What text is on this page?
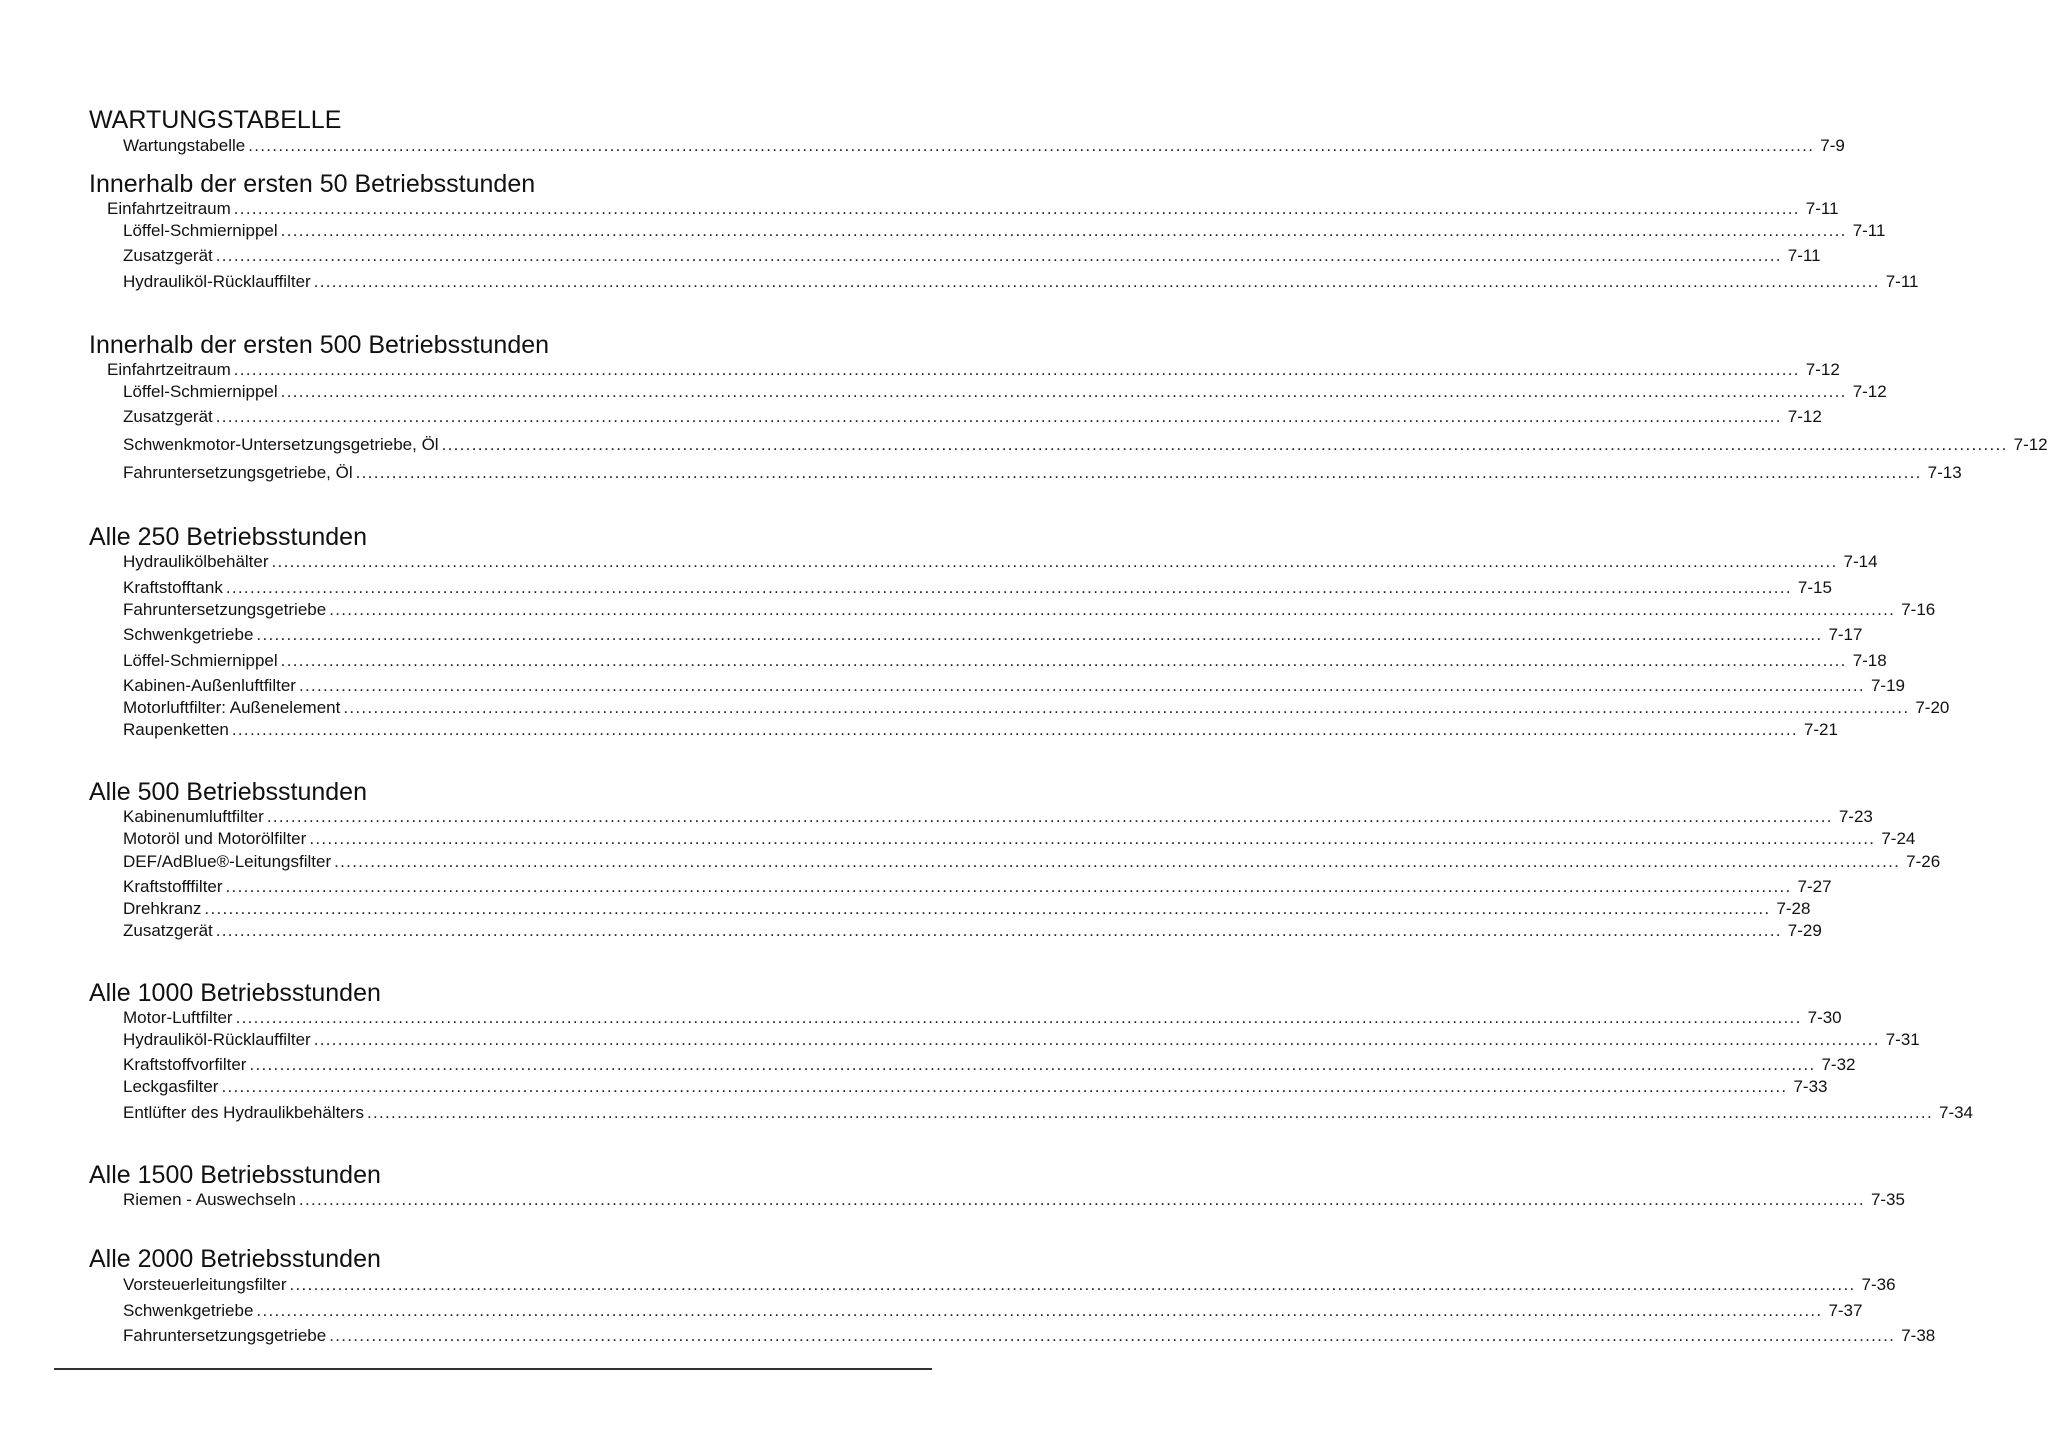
WARTUNGSTABELLE
Wartungstabelle .................................................................................................................................................................................................................................................................... 7-9
Innerhalb der ersten 50 Betriebsstunden
Einfahrtzeitraum .................................................................................................................................................................................................................................................................... 7-11
Löffel-Schmiernippel .................................................................................................................................................................................................................................................................... 7-11
Zusatzgerät .................................................................................................................................................................................................................................................................... 7-11
Hydrauliköl-Rücklauffilter .................................................................................................................................................................................................................................................................... 7-11
Innerhalb der ersten 500 Betriebsstunden
Einfahrtzeitraum .................................................................................................................................................................................................................................................................... 7-12
Löffel-Schmiernippel .................................................................................................................................................................................................................................................................... 7-12
Zusatzgerät .................................................................................................................................................................................................................................................................... 7-12
Schwenkmotor-Untersetzungsgetriebe, Öl .................................................................................................................................................................................................................................................................... 7-12
Fahruntersetzungsgetriebe, Öl .................................................................................................................................................................................................................................................................... 7-13
Alle 250 Betriebsstunden
Hydraulikölbehälter .................................................................................................................................................................................................................................................................... 7-14
Kraftstofftank .................................................................................................................................................................................................................................................................... 7-15
Fahruntersetzungsgetriebe .................................................................................................................................................................................................................................................................... 7-16
Schwenkgetriebe .................................................................................................................................................................................................................................................................... 7-17
Löffel-Schmiernippel .................................................................................................................................................................................................................................................................... 7-18
Kabinen-Außenluftfilter .................................................................................................................................................................................................................................................................... 7-19
Motorluftfilter: Außenelement .................................................................................................................................................................................................................................................................... 7-20
Raupenketten .................................................................................................................................................................................................................................................................... 7-21
Alle 500 Betriebsstunden
Kabinenumluftfilter .................................................................................................................................................................................................................................................................... 7-23
Motoröl und Motorölfilter .................................................................................................................................................................................................................................................................... 7-24
DEF/AdBlue®-Leitungsfilter .................................................................................................................................................................................................................................................................... 7-26
Kraftstofffilter .................................................................................................................................................................................................................................................................... 7-27
Drehkranz .................................................................................................................................................................................................................................................................... 7-28
Zusatzgerät .................................................................................................................................................................................................................................................................... 7-29
Alle 1000 Betriebsstunden
Motor-Luftfilter .................................................................................................................................................................................................................................................................... 7-30
Hydrauliköl-Rücklauffilter .................................................................................................................................................................................................................................................................... 7-31
Kraftstoffvorfilter .................................................................................................................................................................................................................................................................... 7-32
Leckgasfilter .................................................................................................................................................................................................................................................................... 7-33
Entlüfter des Hydraulikbehälters .................................................................................................................................................................................................................................................................... 7-34
Alle 1500 Betriebsstunden
Riemen - Auswechseln .................................................................................................................................................................................................................................................................... 7-35
Alle 2000 Betriebsstunden
Vorsteuerleitungsfilter .................................................................................................................................................................................................................................................................... 7-36
Schwenkgetriebe .................................................................................................................................................................................................................................................................... 7-37
Fahruntersetzungsgetriebe .................................................................................................................................................................................................................................................................... 7-38
